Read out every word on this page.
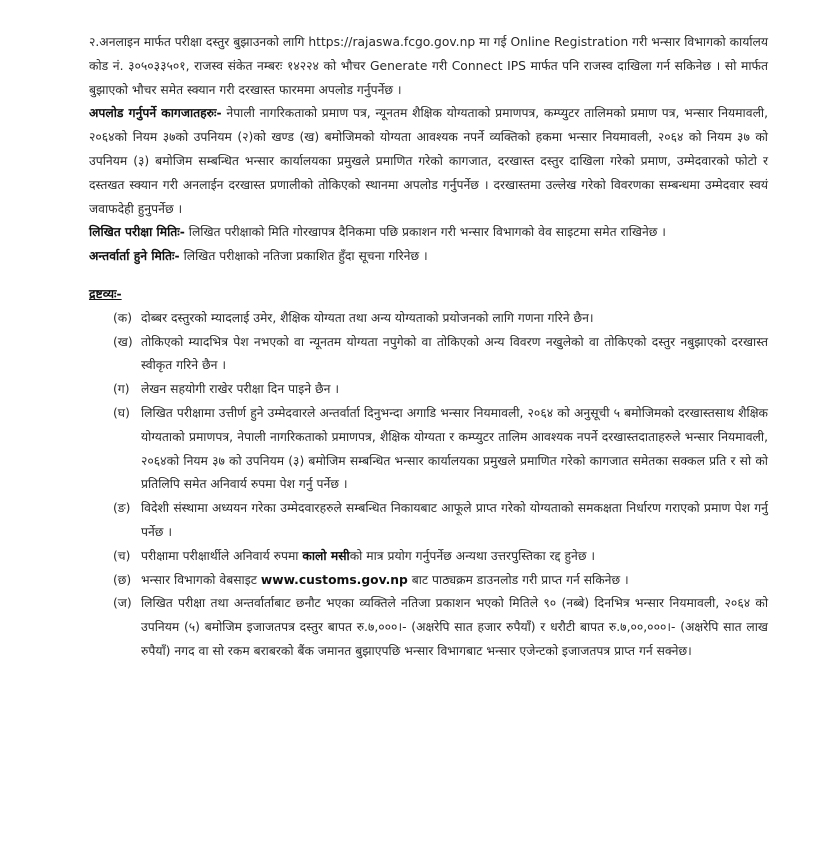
२.अनलाइन मार्फत परीक्षा दस्तुर बुझाउनको लागि https://rajaswa.fcgo.gov.np मा गई Online Registration गरी भन्सार विभागको कार्यालय कोड नं. ३०५०३३५०१, राजस्व संकेत नम्बरः १४२२४ को भौचर Generate गरी Connect IPS मार्फत पनि राजस्व दाखिला गर्न सकिनेछ । सो मार्फत बुझाएको भौचर समेत स्क्यान गरी दरखास्त फारममा अपलोड गर्नुपर्नेछ ।

अपलोड गर्नुपर्ने कागजातहरुः- नेपाली नागरिकताको प्रमाण पत्र, न्यूनतम शैक्षिक योग्यताको प्रमाणपत्र, कम्प्युटर तालिमको प्रमाण पत्र, भन्सार नियमावली, २०६४को नियम ३७को उपनियम (२)को खण्ड (ख) बमोजिमको योग्यता आवश्यक नपर्ने व्यक्तिको हकमा भन्सार नियमावली, २०६४ को नियम ३७ को उपनियम (३) बमोजिम सम्बन्धित भन्सार कार्यालयका प्रमुखले प्रमाणित गरेको कागजात, दरखास्त दस्तुर दाखिला गरेको प्रमाण, उम्मेदवारको फोटो र दस्तखत स्क्यान गरी अनलाईन दरखास्त प्रणालीको तोकिएको स्थानमा अपलोड गर्नुपर्नेछ । दरखास्तमा उल्लेख गरेको विवरणका सम्बन्धमा उम्मेदवार स्वयं जवाफदेही हुनुपर्नेछ ।

लिखित परीक्षा मितिः- लिखित परीक्षाको मिति गोरखापत्र दैनिकमा पछि प्रकाशन गरी भन्सार विभागको वेव साइटमा समेत राखिनेछ ।

अन्तर्वार्ता हुने मितिः- लिखित परीक्षाको नतिजा प्रकाशित हुँदा सूचना गरिनेछ ।

द्रष्टव्यः-

(क) दोब्बर दस्तुरको म्यादलाई उमेर, शैक्षिक योग्यता तथा अन्य योग्यताको प्रयोजनको लागि गणना गरिने छैन।
(ख) तोकिएको म्यादभित्र पेश नभएको वा न्यूनतम योग्यता नपुगेको वा तोकिएको अन्य विवरण नखुलेको वा तोकिएको दस्तुर नबुझाएको दरखास्त स्वीकृत गरिने छैन ।
(ग) लेखन सहयोगी राखेर परीक्षा दिन पाइने छैन ।
(घ) लिखित परीक्षामा उत्तीर्ण हुने उम्मेदवारले अन्तर्वार्ता दिनुभन्दा अगाडि भन्सार नियमावली, २०६४ को अनुसूची ५ बमोजिमको दरखास्तसाथ शैक्षिक योग्यताको प्रमाणपत्र, नेपाली नागरिकताको प्रमाणपत्र, शैक्षिक योग्यता र कम्प्युटर तालिम आवश्यक नपर्ने दरखास्तदाताहरुले भन्सार नियमावली, २०६४को नियम ३७ को उपनियम (३) बमोजिम सम्बन्धित भन्सार कार्यालयका प्रमुखले प्रमाणित गरेको कागजात समेतका सक्कल प्रति र सो को प्रतिलिपि समेत अनिवार्य रुपमा पेश गर्नु पर्नेछ ।
(ङ) विदेशी संस्थामा अध्ययन गरेका उम्मेदवारहरुले सम्बन्धित निकायबाट आफूले प्राप्त गरेको योग्यताको समकक्षता निर्धारण गराएको प्रमाण पेश गर्नु पर्नेछ ।
(च) परीक्षामा परीक्षार्थीले अनिवार्य रुपमा कालो मसीको मात्र प्रयोग गर्नुपर्नेछ अन्यथा उत्तरपुस्तिका रद्द हुनेछ ।
(छ) भन्सार विभागको वेबसाइट www.customs.gov.np बाट पाठ्यक्रम डाउनलोड गरी प्राप्त गर्न सकिनेछ ।
(ज) लिखित परीक्षा तथा अन्तर्वार्ताबाट छनौट भएका व्यक्तिले नतिजा प्रकाशन भएको मितिले ९० (नब्बे) दिनभित्र भन्सार नियमावली, २०६४ को उपनियम (५) बमोजिम इजाजतपत्र दस्तुर बापत रु.७,०००।- (अक्षरेपि सात हजार रुपैयाँ) र धरौटी बापत रु.७,००,०००।- (अक्षरेपि सात लाख रुपैयाँ) नगद वा सो रकम बराबरको बैंक जमानत बुझाएपछि भन्सार विभागबाट भन्सार एजेन्टको इजाजतपत्र प्राप्त गर्न सक्नेछ।
